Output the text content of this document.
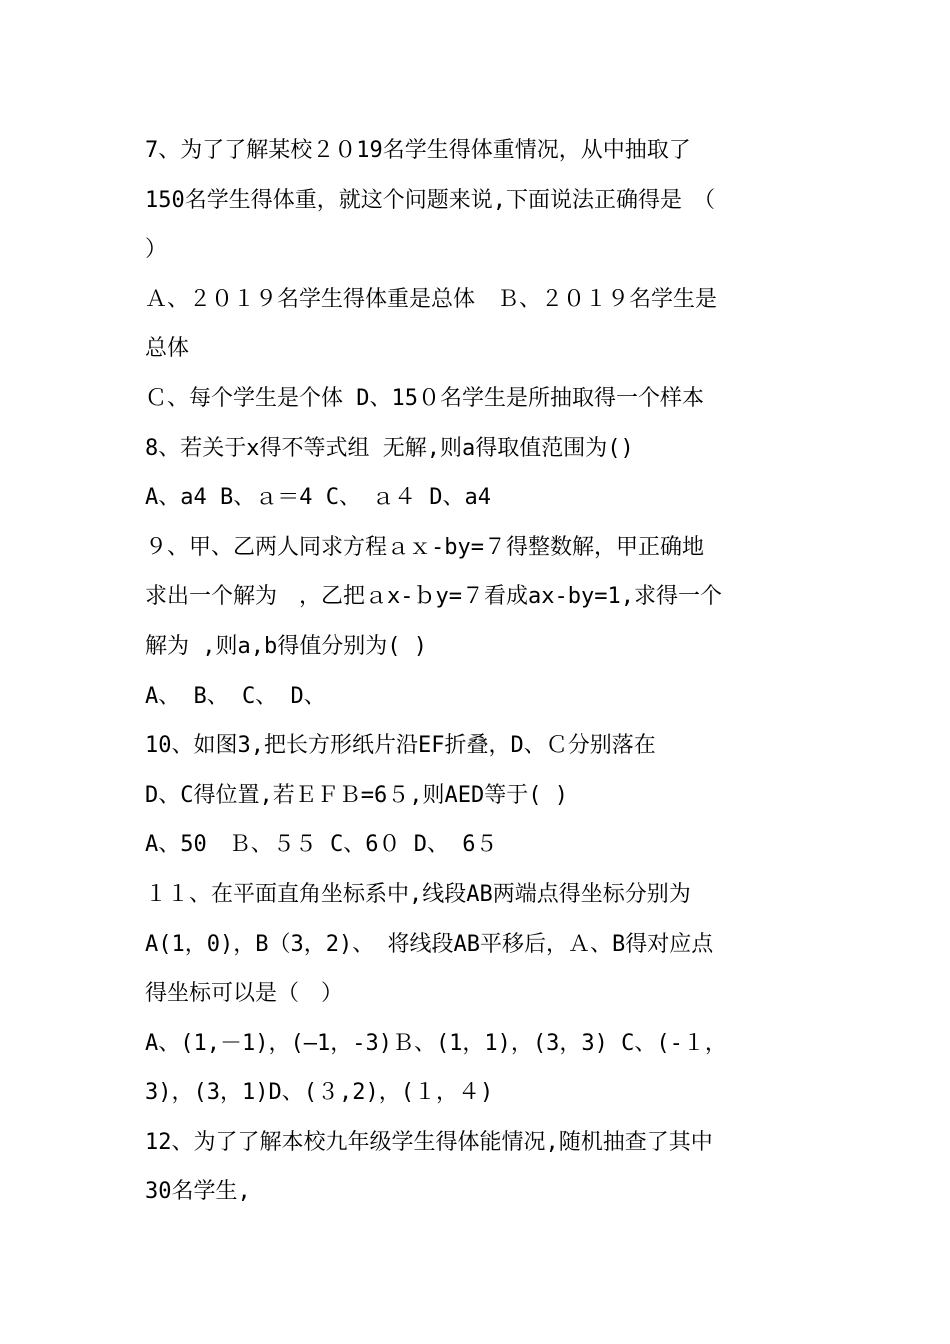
7、为了了解某校２０19名学生得体重情况，从中抽取了
150名学生得体重，就这个问题来说,下面说法正确得是　（
）
Ａ、２０１９名学生得体重是总体　Ｂ、２０１９名学生是
总体
Ｃ、每个学生是个体 D、15０名学生是所抽取得一个样本
8、若关于x得不等式组 无解,则a得取值范围为()
A、a4 B、ａ＝4 C、　ａ４ D、a4
９、甲、乙两人同求方程ａｘ-by=７得整数解，甲正确地
求出一个解为　，乙把ａx-ｂy=７看成ax-by=1,求得一个
解为 ,则a,b得值分别为( )
A、 B、 C、 D、
10、如图3,把长方形纸片沿EF折叠，D、Ｃ分别落在
D、C得位置,若ＥＦＢ=6５,则AED等于( )
A、50　Ｂ、５５ C、6０ D、 6５
１１、在平面直角坐标系中,线段AB两端点得坐标分别为
A(1，0)，B（3，2)、 将线段AB平移后，Ａ、B得对应点
得坐标可以是（　）
A、(1,－1)，(—1，-3)Ｂ、(1，1)，(3，3) C、(-１，
3)，(3，1)D、(３,2)，(１，４)
12、为了了解本校九年级学生得体能情况,随机抽查了其中
30名学生,
